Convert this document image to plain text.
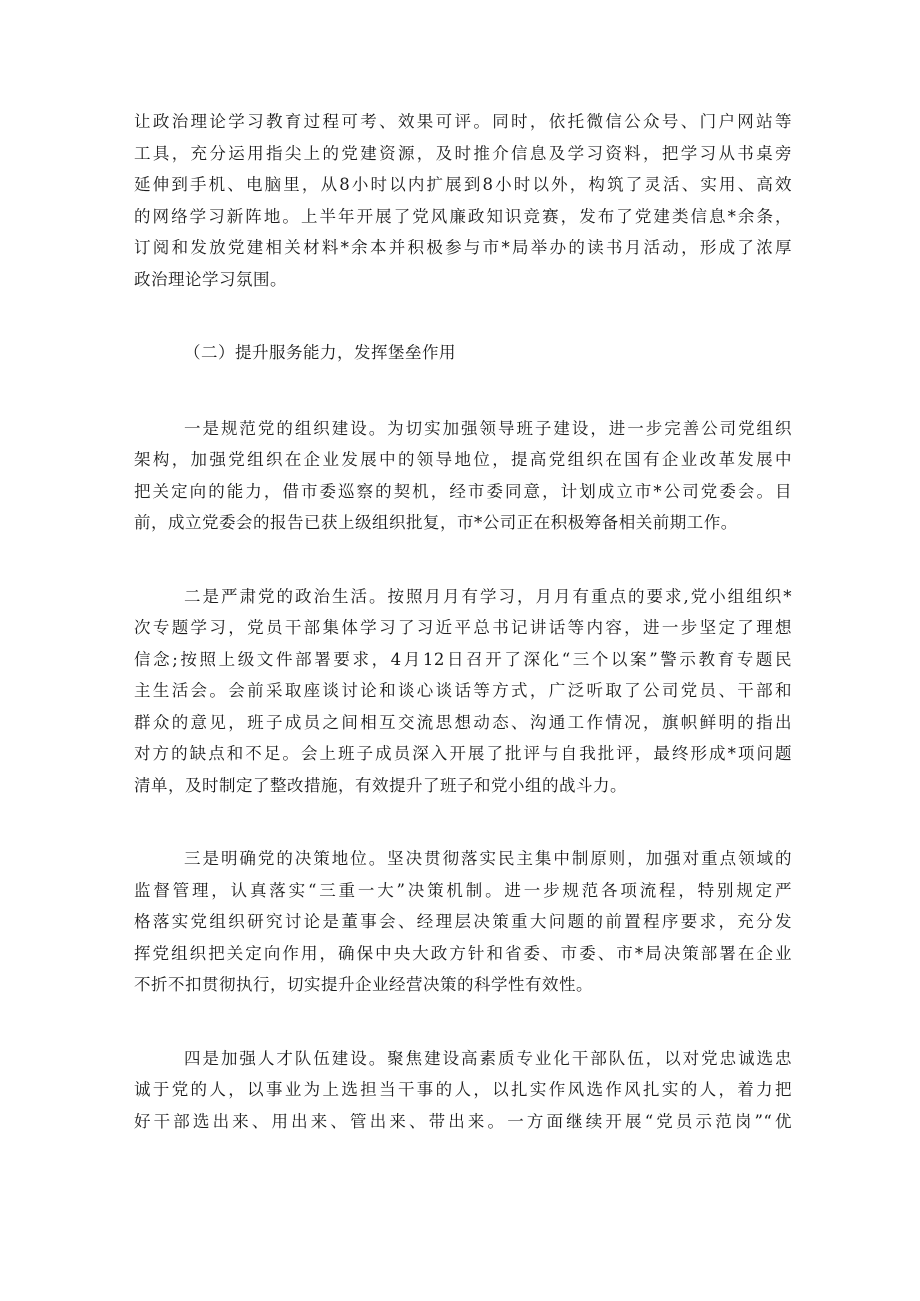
让政治理论学习教育过程可考、效果可评。同时，依托微信公众号、门户网站等
工具，充分运用指尖上的党建资源，及时推介信息及学习资料，把学习从书桌旁
延伸到手机、电脑里，从8小时以内扩展到8小时以外，构筑了灵活、实用、高效
的网络学习新阵地。上半年开展了党风廉政知识竞赛，发布了党建类信息*余条，
订阅和发放党建相关材料*余本并积极参与市*局举办的读书月活动，形成了浓厚
政治理论学习氛围。

（二）提升服务能力，发挥堡垒作用

一是规范党的组织建设。为切实加强领导班子建设，进一步完善公司党组织
架构，加强党组织在企业发展中的领导地位，提高党组织在国有企业改革发展中
把关定向的能力，借市委巡察的契机，经市委同意，计划成立市*公司党委会。目
前，成立党委会的报告已获上级组织批复，市*公司正在积极筹备相关前期工作。

二是严肃党的政治生活。按照月月有学习，月月有重点的要求,党小组组织*
次专题学习，党员干部集体学习了习近平总书记讲话等内容，进一步坚定了理想
信念;按照上级文件部署要求，4月12日召开了深化“三个以案”警示教育专题民
主生活会。会前采取座谈讨论和谈心谈话等方式，广泛听取了公司党员、干部和
群众的意见，班子成员之间相互交流思想动态、沟通工作情况，旗帜鲜明的指出
对方的缺点和不足。会上班子成员深入开展了批评与自我批评，最终形成*项问题
清单，及时制定了整改措施，有效提升了班子和党小组的战斗力。

三是明确党的决策地位。坚决贯彻落实民主集中制原则，加强对重点领域的
监督管理，认真落实“三重一大”决策机制。进一步规范各项流程，特别规定严
格落实党组织研究讨论是董事会、经理层决策重大问题的前置程序要求，充分发
挥党组织把关定向作用，确保中央大政方针和省委、市委、市*局决策部署在企业
不折不扣贯彻执行，切实提升企业经营决策的科学性有效性。

四是加强人才队伍建设。聚焦建设高素质专业化干部队伍，以对党忠诚选忠
诚于党的人，以事业为上选担当干事的人，以扎实作风选作风扎实的人，着力把
好干部选出来、用出来、管出来、带出来。一方面继续开展“党员示范岗”“优
